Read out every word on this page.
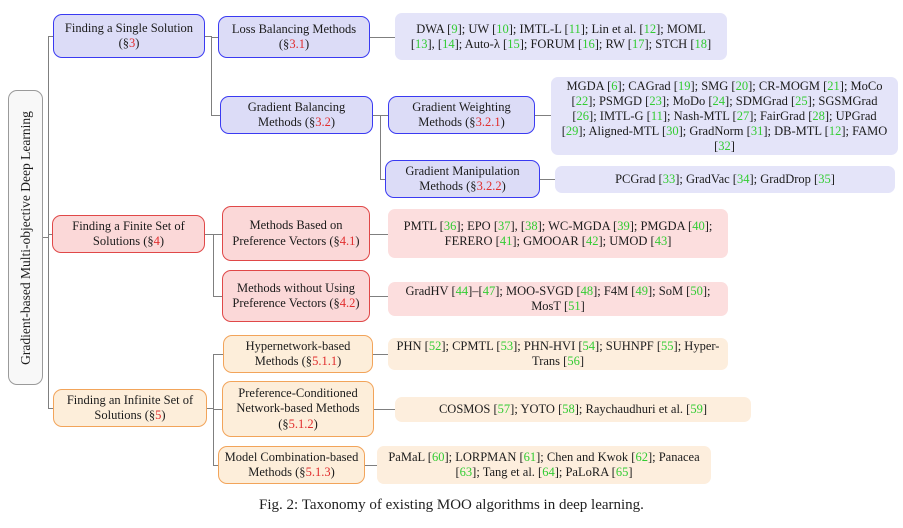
Gradient-based Multi-objective Deep Learning
Finding a Single Solution (§3)
Finding a Finite Set of Solutions (§4)
Finding an Infinite Set of Solutions (§5)
Loss Balancing Methods (§3.1)
Gradient Balancing Methods (§3.2)
Gradient Weighting Methods (§3.2.1)
Gradient Manipulation Methods (§3.2.2)
Methods Based on Preference Vectors (§4.1)
Methods without Using Preference Vectors (§4.2)
Hypernetwork-based Methods (§5.1.1)
Preference-Conditioned Network-based Methods (§5.1.2)
Model Combination-based Methods (§5.1.3)
DWA [9]; UW [10]; IMTL-L [11]; Lin et al. [12]; MOML [13], [14]; Auto-λ [15]; FORUM [16]; RW [17]; STCH [18]
MGDA [6]; CAGrad [19]; SMG [20]; CR-MOGM [21]; MoCo [22]; PSMGD [23]; MoDo [24]; SDMGrad [25]; SGSMGrad [26]; IMTL-G [11]; Nash-MTL [27]; FairGrad [28]; UPGrad [29]; Aligned-MTL [30]; GradNorm [31]; DB-MTL [12]; FAMO [32]
PCGrad [33]; GradVac [34]; GradDrop [35]
PMTL [36]; EPO [37], [38]; WC-MGDA [39]; PMGDA [40]; FERERO [41]; GMOOAR [42]; UMOD [43]
GradHV [44]–[47]; MOO-SVGD [48]; F4M [49]; SoM [50]; MosT [51]
PHN [52]; CPMTL [53]; PHN-HVI [54]; SUHNPF [55]; Hyper-Trans [56]
COSMOS [57]; YOTO [58]; Raychaudhuri et al. [59]
PaMaL [60]; LORPMAN [61]; Chen and Kwok [62]; Panacea [63]; Tang et al. [64]; PaLoRA [65]
Fig. 2: Taxonomy of existing MOO algorithms in deep learning.
